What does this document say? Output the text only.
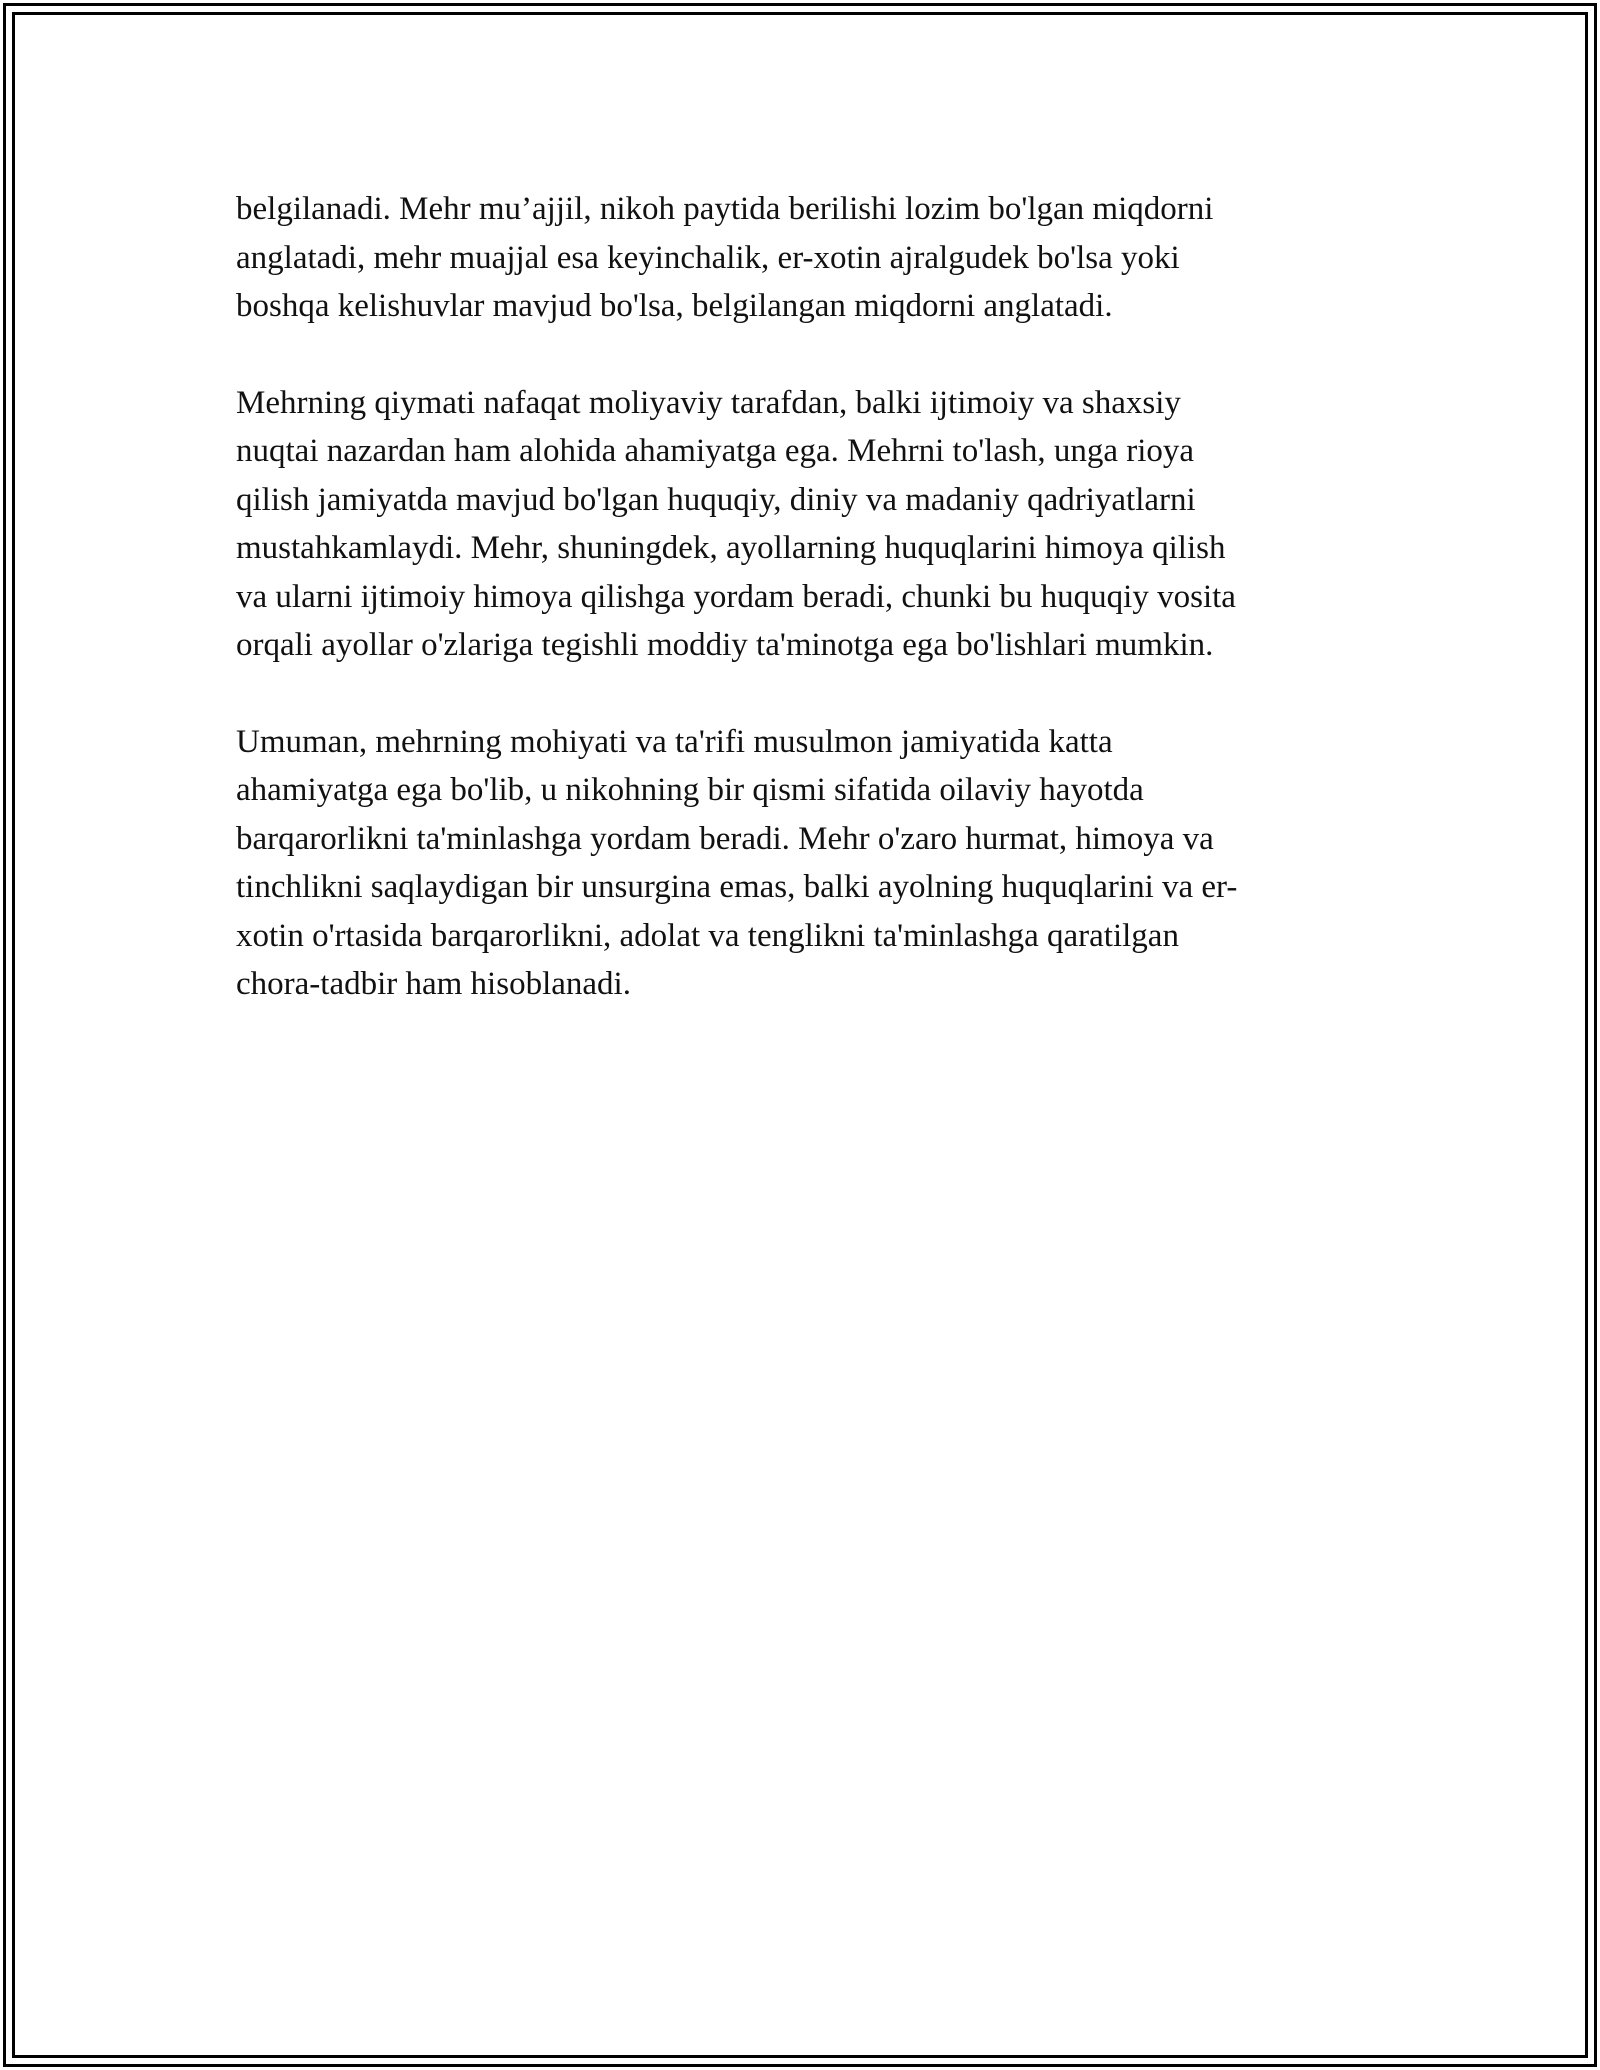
belgilanadi. Mehr mu’ajjil, nikoh paytida berilishi lozim bo'lgan miqdorni
anglatadi, mehr muajjal esa keyinchalik, er-xotin ajralgudek bo'lsa yoki
boshqa kelishuvlar mavjud bo'lsa, belgilangan miqdorni anglatadi.

Mehrning qiymati nafaqat moliyaviy tarafdan, balki ijtimoiy va shaxsiy
nuqtai nazardan ham alohida ahamiyatga ega. Mehrni to'lash, unga rioya
qilish jamiyatda mavjud bo'lgan huquqiy, diniy va madaniy qadriyatlarni
mustahkamlaydi. Mehr, shuningdek, ayollarning huquqlarini himoya qilish
va ularni ijtimoiy himoya qilishga yordam beradi, chunki bu huquqiy vosita
orqali ayollar o'zlariga tegishli moddiy ta'minotga ega bo'lishlari mumkin.

Umuman, mehrning mohiyati va ta'rifi musulmon jamiyatida katta
ahamiyatga ega bo'lib, u nikohning bir qismi sifatida oilaviy hayotda
barqarorlikni ta'minlashga yordam beradi. Mehr o'zaro hurmat, himoya va
tinchlikni saqlaydigan bir unsurgina emas, balki ayolning huquqlarini va er-
xotin o'rtasida barqarorlikni, adolat va tenglikni ta'minlashga qaratilgan
chora-tadbir ham hisoblanadi.
